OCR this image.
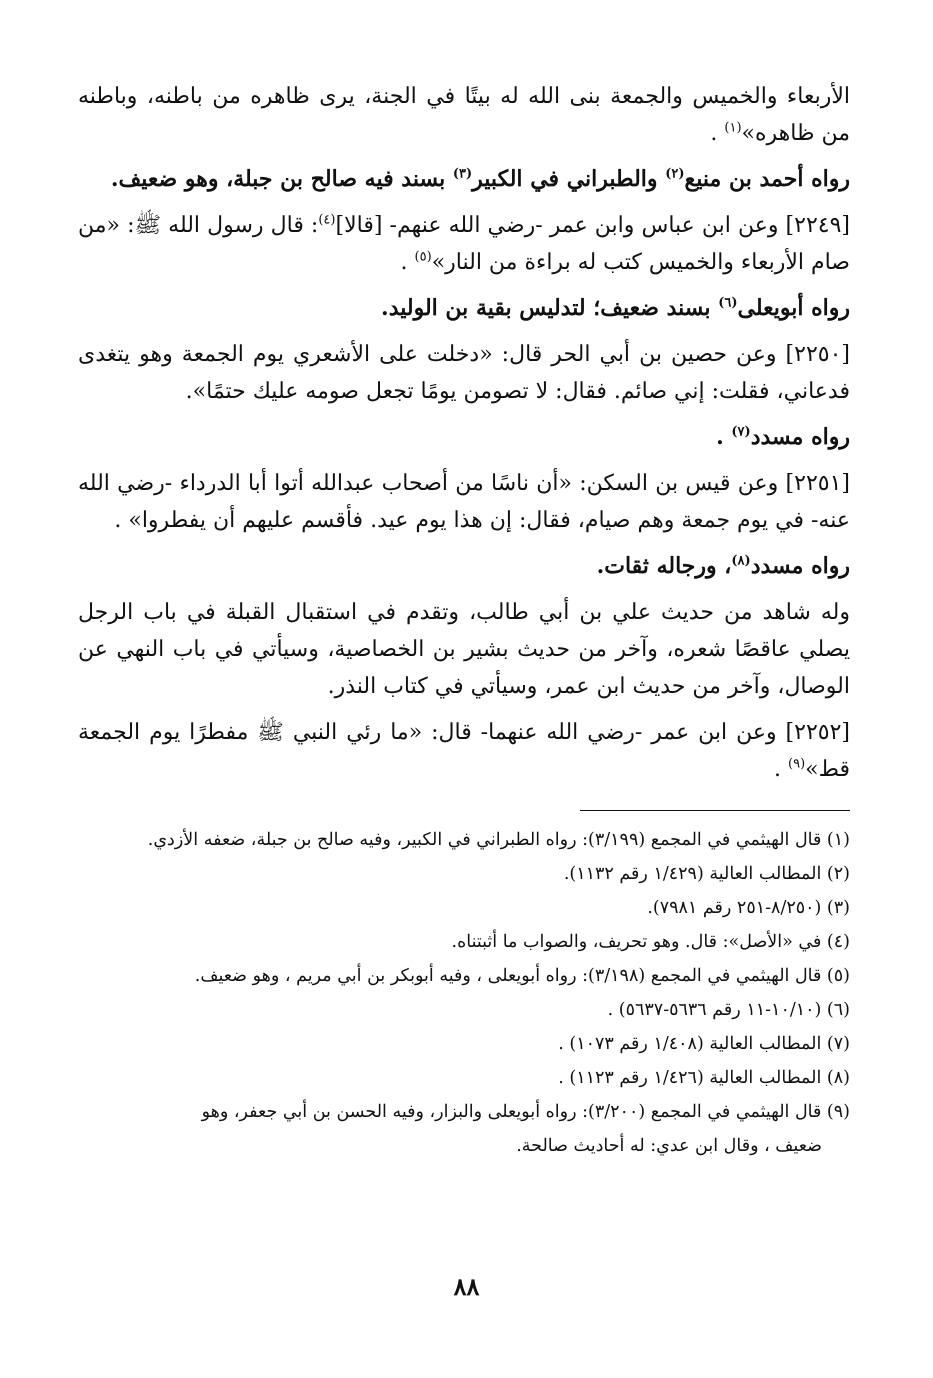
الأربعاء والخميس والجمعة بنى الله له بيتًا في الجنة، يرى ظاهره من باطنه، وباطنه من ظاهره»$^{(١)}$ .

رواه أحمد بن منيع$^{(٢)}$ والطبراني في الكبير$^{(٣)}$ بسند فيه صالح بن جبلة، وهو ضعيف.

[٢٢٤٩] وعن ابن عباس وابن عمر -رضي الله عنهم- [قالا]$^{(٤)}$: قال رسول الله ﷺ: «من صام الأربعاء والخميس كتب له براءة من النار»$^{(٥)}$ .

رواه أبويعلى$^{(٦)}$ بسند ضعيف؛ لتدليس بقية بن الوليد.

[٢٢٥٠] وعن حصين بن أبي الحر قال: «دخلت على الأشعري يوم الجمعة وهو يتغدى فدعاني، فقلت: إني صائم. فقال: لا تصومن يومًا تجعل صومه عليك حتمًا».

رواه مسدد$^{(٧)}$ .

[٢٢٥١] وعن قيس بن السكن: «أن ناسًا من أصحاب عبدالله أتوا أبا الدرداء -رضي الله عنه- في يوم جمعة وهم صيام، فقال: إن هذا يوم عيد. فأقسم عليهم أن يفطروا» .

رواه مسدد$^{(٨)}$، ورجاله ثقات.

وله شاهد من حديث علي بن أبي طالب، وتقدم في استقبال القبلة في باب الرجل يصلي عاقصًا شعره، وآخر من حديث بشير بن الخصاصية، وسيأتي في باب النهي عن الوصال، وآخر من حديث ابن عمر، وسيأتي في كتاب النذر.

[٢٢٥٢] وعن ابن عمر -رضي الله عنهما- قال: «ما رئي النبي ﷺ مفطرًا يوم الجمعة قط»$^{(٩)}$ .

(١) قال الهيثمي في المجمع (٣/١٩٩): رواه الطبراني في الكبير، وفيه صالح بن جبلة، ضعفه الأزدي.

(٢) المطالب العالية (١/٤٢٩ رقم ١١٣٢).

(٣) (٨/٢٥٠-٢٥١ رقم ٧٩٨١).

(٤) في «الأصل»: قال. وهو تحريف، والصواب ما أثبتناه.

(٥) قال الهيثمي في المجمع (٣/١٩٨): رواه أبويعلى ، وفيه أبوبكر بن أبي مريم ، وهو ضعيف.

(٦) (١٠/١٠-١١ رقم ٥٦٣٦-٥٦٣٧) .

(٧) المطالب العالية (١/٤٠٨ رقم ١٠٧٣) .

(٨) المطالب العالية (١/٤٢٦ رقم ١١٢٣) .

(٩) قال الهيثمي في المجمع (٣/٢٠٠): رواه أبويعلى والبزار، وفيه الحسن بن أبي جعفر، وهو

ضعيف ، وقال ابن عدي: له أحاديث صالحة.

٨٨
